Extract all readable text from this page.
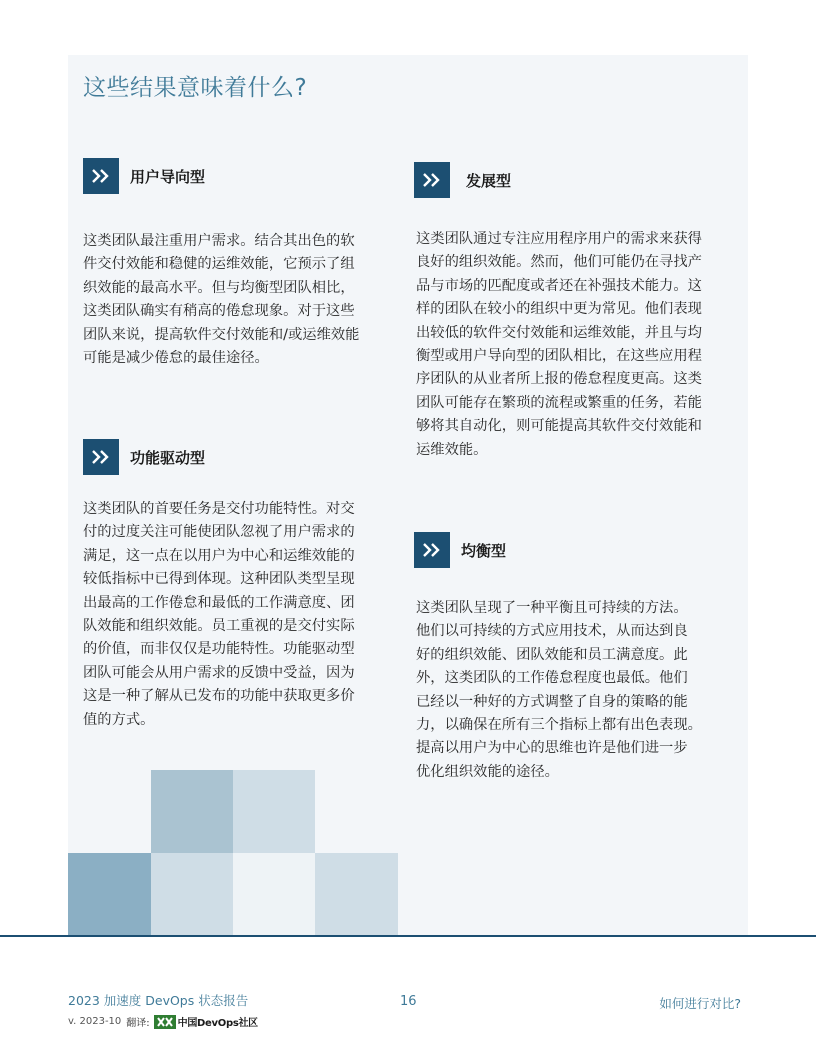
这些结果意味着什么?
用户导向型
这类团队最注重用户需求。结合其出色的软
件交付效能和稳健的运维效能，它预示了组
织效能的最高水平。但与均衡型团队相比，
这类团队确实有稍高的倦怠现象。对于这些
团队来说，提高软件交付效能和/或运维效能
可能是减少倦怠的最佳途径。
功能驱动型
这类团队的首要任务是交付功能特性。对交
付的过度关注可能使团队忽视了用户需求的
满足，这一点在以用户为中心和运维效能的
较低指标中已得到体现。这种团队类型呈现
出最高的工作倦怠和最低的工作满意度、团
队效能和组织效能。员工重视的是交付实际
的价值，而非仅仅是功能特性。功能驱动型
团队可能会从用户需求的反馈中受益，因为
这是一种了解从已发布的功能中获取更多价
值的方式。
发展型
这类团队通过专注应用程序用户的需求来获得
良好的组织效能。然而，他们可能仍在寻找产
品与市场的匹配度或者还在补强技术能力。这
样的团队在较小的组织中更为常见。他们表现
出较低的软件交付效能和运维效能，并且与均
衡型或用户导向型的团队相比，在这些应用程
序团队的从业者所上报的倦怠程度更高。这类
团队可能存在繁琐的流程或繁重的任务，若能
够将其自动化，则可能提高其软件交付效能和
运维效能。
均衡型
这类团队呈现了一种平衡且可持续的方法。
他们以可持续的方式应用技术，从而达到良
好的组织效能、团队效能和员工满意度。此
外，这类团队的工作倦怠程度也最低。他们
已经以一种好的方式调整了自身的策略的能
力，以确保在所有三个指标上都有出色表现。
提高以用户为中心的思维也许是他们进一步
优化组织效能的途径。
2023 加速度 DevOps 状态报告
v. 2023-10 翻译:	中国DevOps社区
16	如何进行对比?
